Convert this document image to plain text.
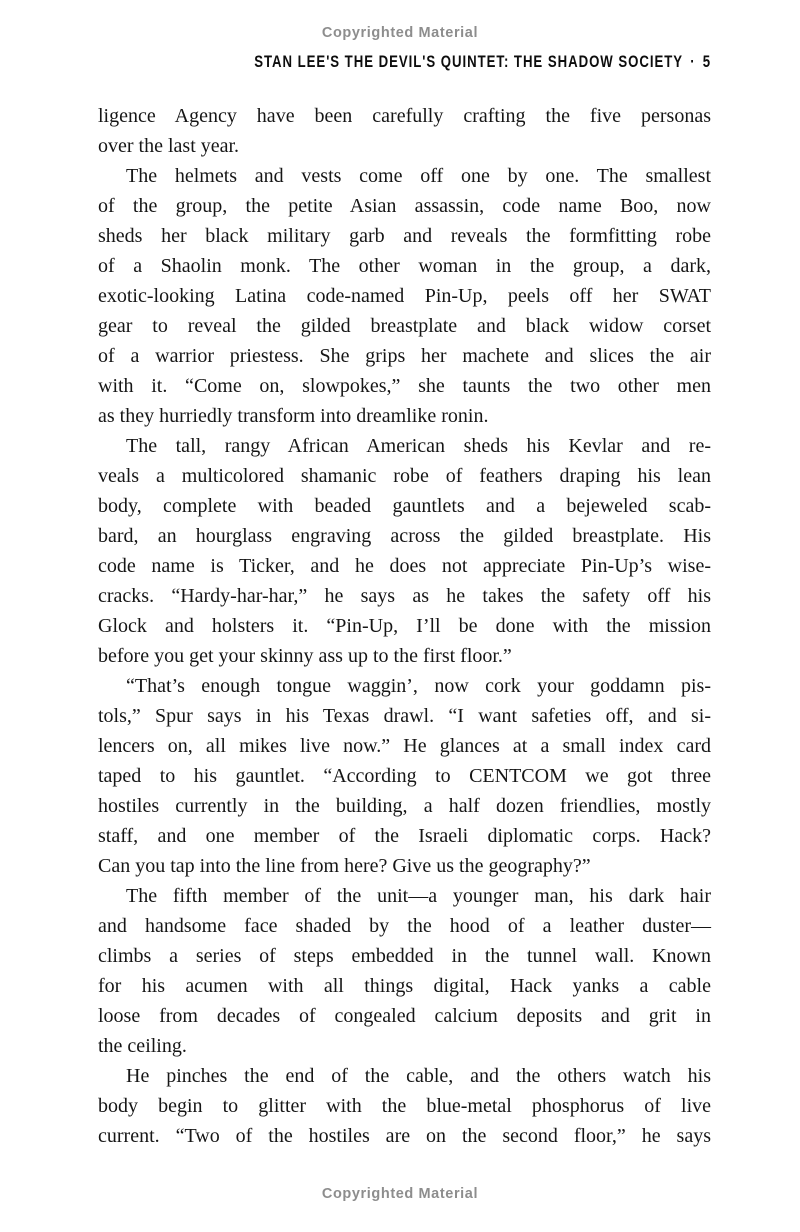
Copyrighted Material
STAN LEE'S THE DEVIL'S QUINTET: THE SHADOW SOCIETY · 5
ligence Agency have been carefully crafting the five personas
over the last year.
The helmets and vests come off one by one. The smallest
of the group, the petite Asian assassin, code name Boo, now
sheds her black military garb and reveals the formfitting robe
of a Shaolin monk. The other woman in the group, a dark,
exotic-looking Latina code-named Pin-Up, peels off her SWAT
gear to reveal the gilded breastplate and black widow corset
of a warrior priestess. She grips her machete and slices the air
with it. “Come on, slowpokes,” she taunts the two other men
as they hurriedly transform into dreamlike ronin.
The tall, rangy African American sheds his Kevlar and re-
veals a multicolored shamanic robe of feathers draping his lean
body, complete with beaded gauntlets and a bejeweled scab-
bard, an hourglass engraving across the gilded breastplate. His
code name is Ticker, and he does not appreciate Pin-Up’s wise-
cracks. “Hardy-har-har,” he says as he takes the safety off his
Glock and holsters it. “Pin-Up, I’ll be done with the mission
before you get your skinny ass up to the first floor.”
“That’s enough tongue waggin’, now cork your goddamn pis-
tols,” Spur says in his Texas drawl. “I want safeties off, and si-
lencers on, all mikes live now.” He glances at a small index card
taped to his gauntlet. “According to CENTCOM we got three
hostiles currently in the building, a half dozen friendlies, mostly
staff, and one member of the Israeli diplomatic corps. Hack?
Can you tap into the line from here? Give us the geography?”
The fifth member of the unit—a younger man, his dark hair
and handsome face shaded by the hood of a leather duster—
climbs a series of steps embedded in the tunnel wall. Known
for his acumen with all things digital, Hack yanks a cable
loose from decades of congealed calcium deposits and grit in
the ceiling.
He pinches the end of the cable, and the others watch his
body begin to glitter with the blue-metal phosphorus of live
current. “Two of the hostiles are on the second floor,” he says
Copyrighted Material
